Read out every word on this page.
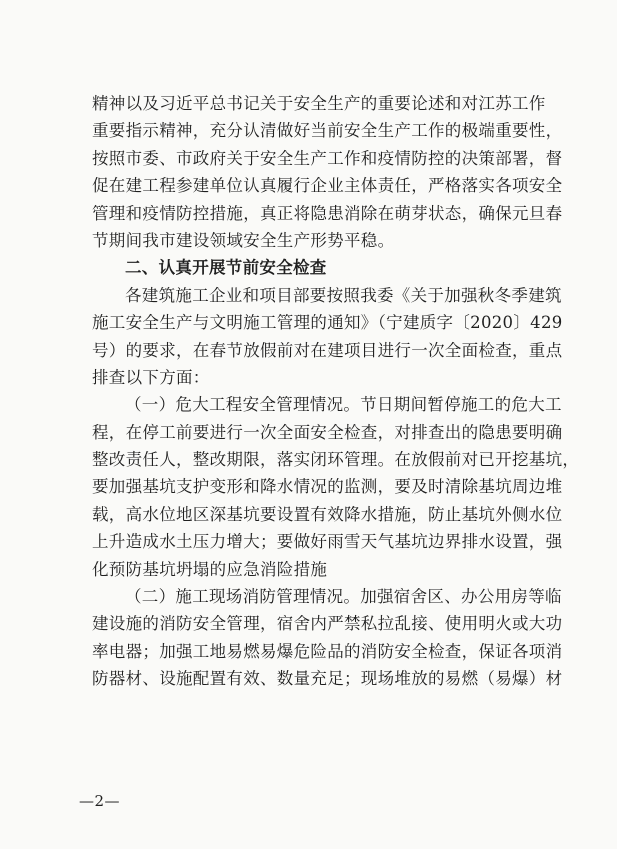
精神以及习近平总书记关于安全生产的重要论述和对江苏工作
重要指示精神，充分认清做好当前安全生产工作的极端重要性，
按照市委、市政府关于安全生产工作和疫情防控的决策部署，督
促在建工程参建单位认真履行企业主体责任，严格落实各项安全
管理和疫情防控措施，真正将隐患消除在萌芽状态，确保元旦春
节期间我市建设领域安全生产形势平稳。
二、认真开展节前安全检查
各建筑施工企业和项目部要按照我委《关于加强秋冬季建筑
施工安全生产与文明施工管理的通知》（宁建质字〔2020〕429
号）的要求，在春节放假前对在建项目进行一次全面检查，重点
排查以下方面：
（一）危大工程安全管理情况。节日期间暂停施工的危大工
程，在停工前要进行一次全面安全检查，对排查出的隐患要明确
整改责任人，整改期限，落实闭环管理。在放假前对已开挖基坑，
要加强基坑支护变形和降水情况的监测，要及时清除基坑周边堆
载，高水位地区深基坑要设置有效降水措施，防止基坑外侧水位
上升造成水土压力增大；要做好雨雪天气基坑边界排水设置，强
化预防基坑坍塌的应急消险措施
（二）施工现场消防管理情况。加强宿舍区、办公用房等临
建设施的消防安全管理，宿舍内严禁私拉乱接、使用明火或大功
率电器；加强工地易燃易爆危险品的消防安全检查，保证各项消
防器材、设施配置有效、数量充足；现场堆放的易燃（易爆）材
—2—
